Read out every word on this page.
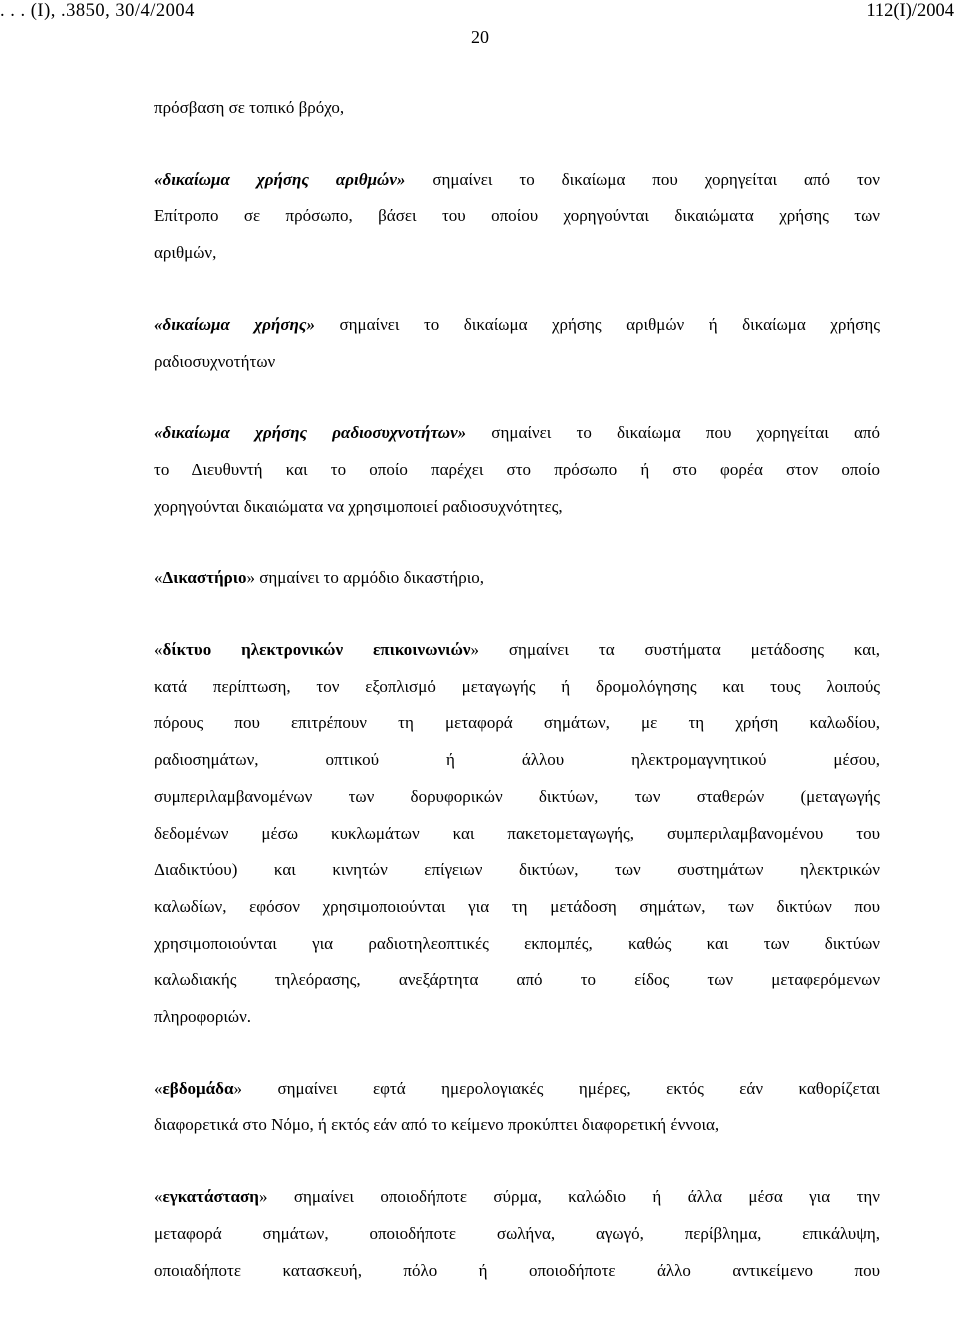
. . . (Ι), .3850, 30/4/2004	112(Ι)/2004
20

πρόσβαση σε τοπικό βρόχο,

«δικαίωμα χρήσης αριθμών» σημαίνει το δικαίωμα που χορηγείται από τον
Επίτροπο σε πρόσωπο, βάσει του οποίου χορηγούνται δικαιώματα χρήσης των
αριθμών,

«δικαίωμα χρήσης» σημαίνει το δικαίωμα χρήσης αριθμών ή δικαίωμα χρήσης
ραδιοσυχνοτήτων

«δικαίωμα χρήσης ραδιοσυχνοτήτων» σημαίνει το δικαίωμα που χορηγείται από
το Διευθυντή και το οποίο παρέχει στο πρόσωπο ή στο φορέα στον οποίο
χορηγούνται δικαιώματα να χρησιμοποιεί ραδιοσυχνότητες,

«Δικαστήριο» σημαίνει το αρμόδιο δικαστήριο,

«δίκτυο ηλεκτρονικών επικοινωνιών» σημαίνει τα συστήματα μετάδοσης και,
κατά περίπτωση, τον εξοπλισμό μεταγωγής ή δρομολόγησης και τους λοιπούς
πόρους που επιτρέπουν τη μεταφορά σημάτων, με τη χρήση καλωδίου,
ραδιοσημάτων, οπτικού ή άλλου ηλεκτρομαγνητικού μέσου,
συμπεριλαμβανομένων των δορυφορικών δικτύων, των σταθερών (μεταγωγής
δεδομένων μέσω κυκλωμάτων και πακετομεταγωγής, συμπεριλαμβανομένου του
Διαδικτύου) και κινητών επίγειων δικτύων, των συστημάτων ηλεκτρικών
καλωδίων, εφόσον χρησιμοποιούνται για τη μετάδοση σημάτων, των δικτύων που
χρησιμοποιούνται για ραδιοτηλεοπτικές εκπομπές, καθώς και των δικτύων
καλωδιακής τηλεόρασης, ανεξάρτητα από το είδος των μεταφερόμενων
πληροφοριών.

«εβδομάδα» σημαίνει εφτά ημερολογιακές ημέρες, εκτός εάν καθορίζεται
διαφορετικά στο Νόμο, ή εκτός εάν από το κείμενο προκύπτει διαφορετική έννοια,

«εγκατάσταση» σημαίνει οποιοδήποτε σύρμα, καλώδιο ή άλλα μέσα για την
μεταφορά σημάτων, οποιοδήποτε σωλήνα, αγωγό, περίβλημα, επικάλυψη,
οποιαδήποτε κατασκευή, πόλο ή οποιοδήποτε άλλο αντικείμενο που
